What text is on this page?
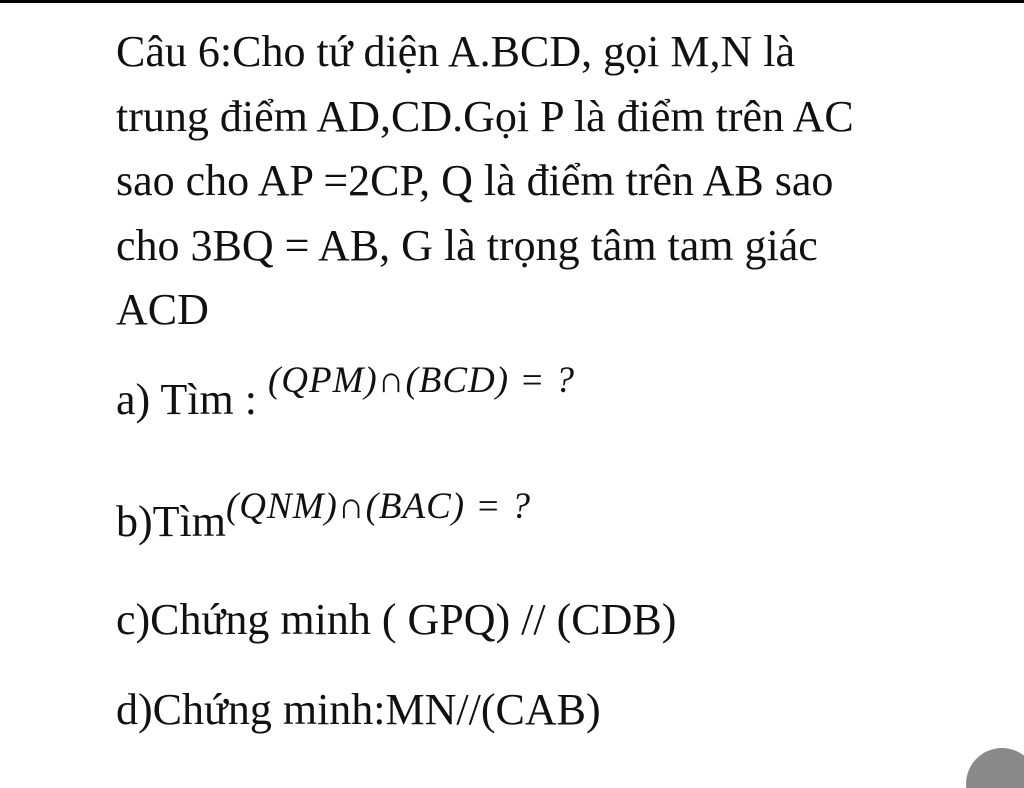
Câu 6:Cho tứ diện A.BCD, gọi M,N là
trung điểm AD,CD.Gọi P là điểm trên AC
sao cho AP =2CP, Q là điểm trên AB sao
cho 3BQ = AB, G là trọng tâm tam giác
ACD
a) Tìm : $^{(QPM)\cap(BCD) = ?}$
b)Tìm$^{(QNM)\cap(BAC) = ?}$
c)Chứng minh ( GPQ) // (CDB)
d)Chứng minh:MN//(CAB)
